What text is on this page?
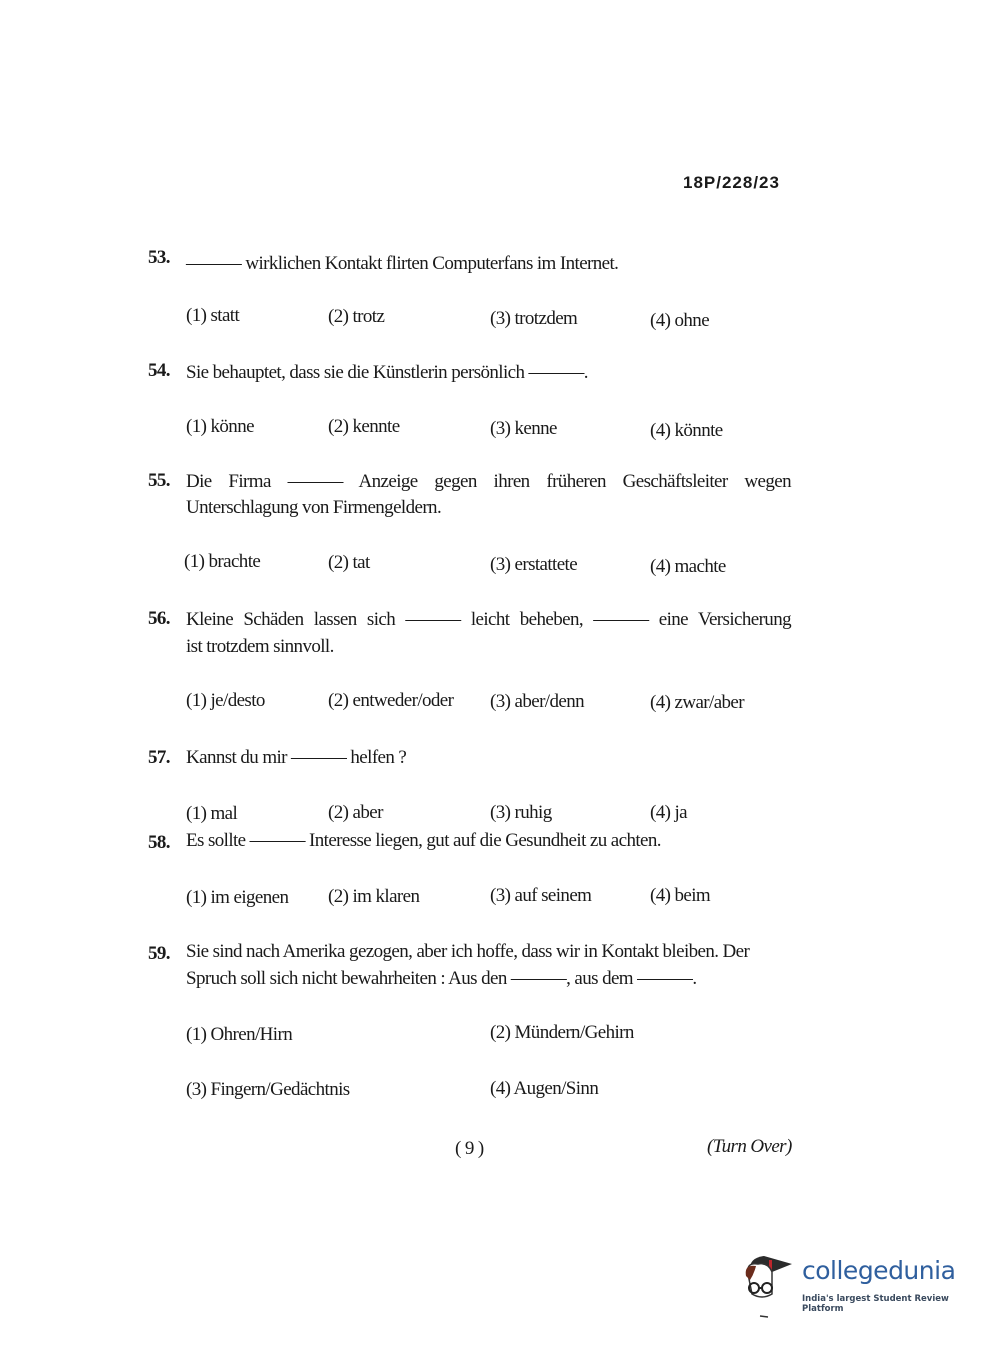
18P/228/23
53. ——— wirklichen Kontakt flirten Computerfans im Internet.
(1) statt	(2) trotz	(3) trotzdem	(4) ohne
54. Sie behauptet, dass sie die Künstlerin persönlich ———.
(1) könne	(2) kennte	(3) kenne	(4) könnte
55. Die Firma ——— Anzeige gegen ihren früheren Geschäftsleiter wegen
Unterschlagung von Firmengeldern.
(1) brachte	(2) tat	(3) erstattete	(4) machte
56. Kleine Schäden lassen sich ——— leicht beheben, ——— eine Versicherung
ist trotzdem sinnvoll.
(1) je/desto	(2) entweder/oder (3) aber/denn	(4) zwar/aber
57. Kannst du mir ——— helfen ?
(1) mal	(2) aber	(3) ruhig	(4) ja
58. Es sollte ——— Interesse liegen, gut auf die Gesundheit zu achten.
(1) im eigenen (2) im klaren	(3) auf seinem	(4) beim
59. Sie sind nach Amerika gezogen, aber ich hoffe, dass wir in Kontakt bleiben. Der
Spruch soll sich nicht bewahrheiten : Aus den ———, aus dem ———.
(1) Ohren/Hirn	(2) Mündern/Gehirn
(3) Fingern/Gedächtnis	(4) Augen/Sinn
( 9 )	(Turn Over)
collegedunia
India's largest Student Review Platform
